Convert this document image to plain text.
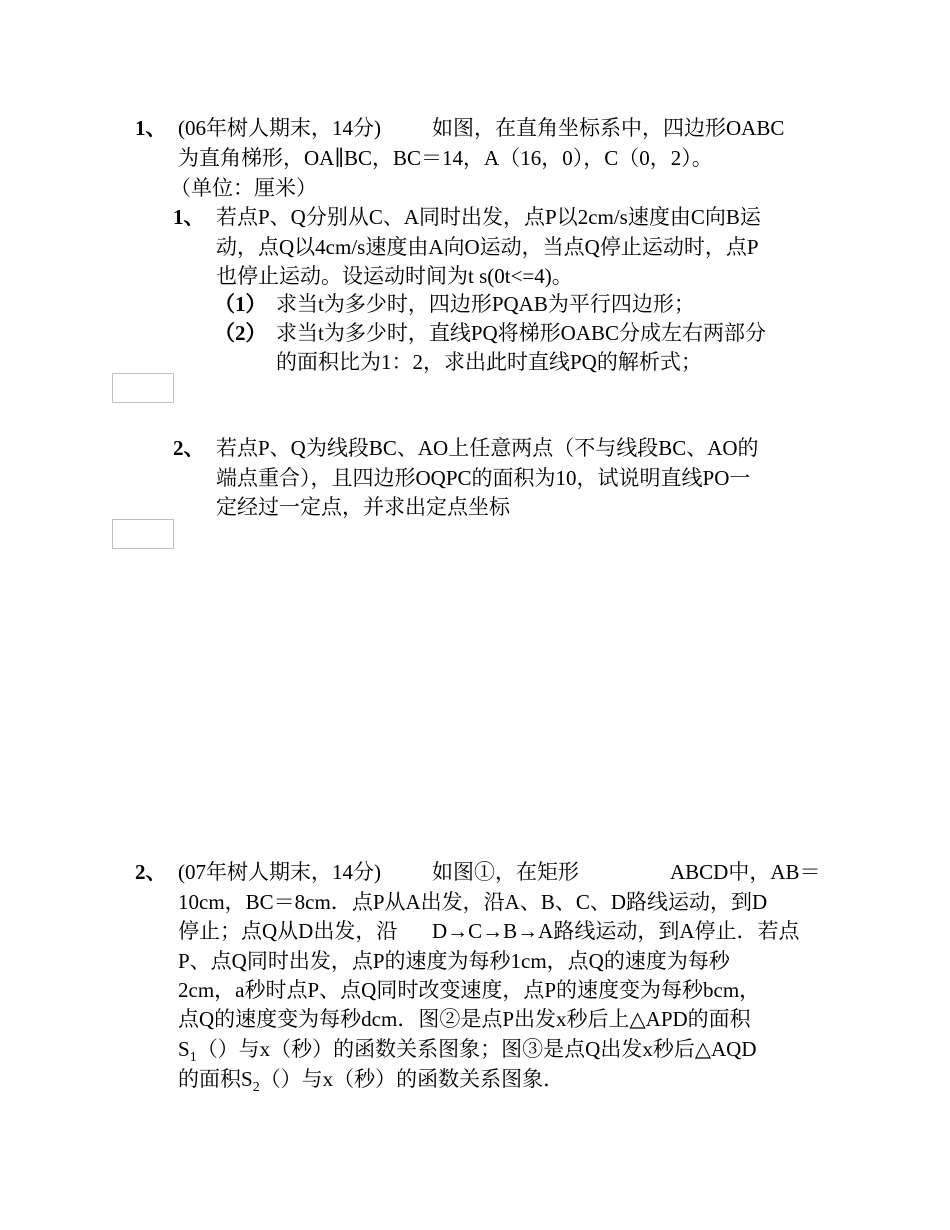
1、 (06年树人期末，14分) 如图，在直角坐标系中，四边形OABC
为直角梯形，OA∥BC，BC＝14，A（16，0），C（0，2）。
（单位：厘米）
1、 若点P、Q分别从C、A同时出发，点P以2cm/s速度由C向B运
动，点Q以4cm/s速度由A向O运动，当点Q停止运动时，点P
也停止运动。设运动时间为t s(0t<=4)。
（1） 求当t为多少时，四边形PQAB为平行四边形；
（2） 求当t为多少时，直线PQ将梯形OABC分成左右两部分
的面积比为1：2，求出此时直线PQ的解析式；
2、 若点P、Q为线段BC、AO上任意两点（不与线段BC、AO的
端点重合），且四边形OQPC的面积为10，试说明直线PO一
定经过一定点，并求出定点坐标
2、 (07年树人期末，14分) 如图①，在矩形	ABCD中，AB＝
10cm，BC＝8cm．点P从A出发，沿A、B、C、D路线运动，到D
停止；点Q从D出发，沿 D→C→B→A路线运动，到A停止．若点
P、点Q同时出发，点P的速度为每秒1cm，点Q的速度为每秒
2cm，a秒时点P、点Q同时改变速度，点P的速度变为每秒bcm，
点Q的速度变为每秒dcm．图②是点P出发x秒后上△APD的面积
$S_1()$与x（秒）的函数关系图象；图③是点Q出发x秒后△AQD
的面积$S_2()$与x（秒）的函数关系图象．
